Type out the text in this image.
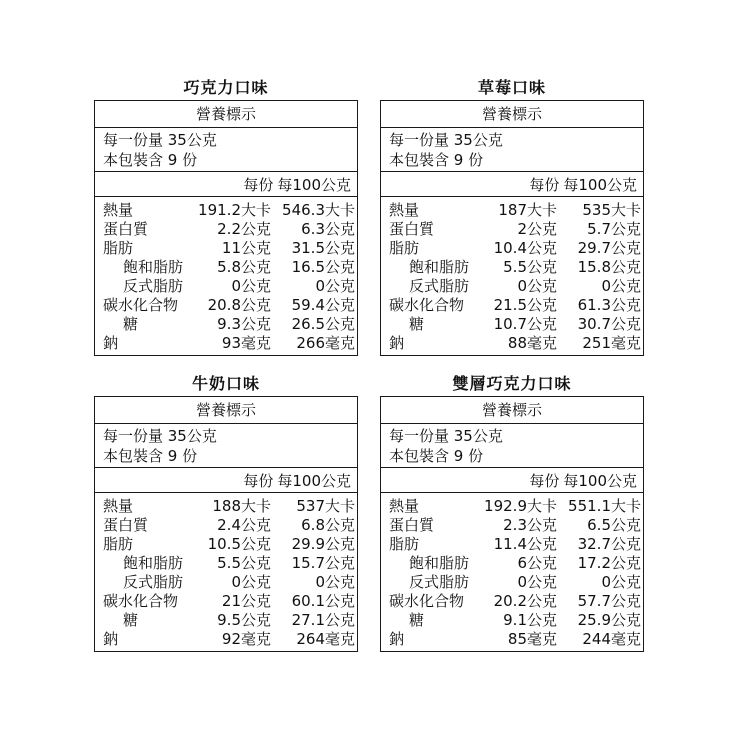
巧克力口味
營養標示
每一份量 35公克
本包裝含 9 份
每份 每100公克
熱量	191.2大卡 546.3大卡
蛋白質	2.2公克	6.3公克
脂肪	11公克	31.5公克
飽和脂肪	5.8公克	16.5公克
反式脂肪	0公克	0公克
碳水化合物	20.8公克	59.4公克
糖	9.3公克	26.5公克
鈉	93毫克	266毫克
草莓口味
營養標示
每一份量 35公克
本包裝含 9 份
每份 每100公克
熱量	187大卡	535大卡
蛋白質	2公克	5.7公克
脂肪	10.4公克	29.7公克
飽和脂肪	5.5公克	15.8公克
反式脂肪	0公克	0公克
碳水化合物	21.5公克	61.3公克
糖	10.7公克	30.7公克
鈉	88毫克	251毫克
牛奶口味
營養標示
每一份量 35公克
本包裝含 9 份
每份 每100公克
熱量	188大卡	537大卡
蛋白質	2.4公克	6.8公克
脂肪	10.5公克	29.9公克
飽和脂肪	5.5公克	15.7公克
反式脂肪	0公克	0公克
碳水化合物	21公克	60.1公克
糖	9.5公克	27.1公克
鈉	92毫克	264毫克
雙層巧克力口味
營養標示
每一份量 35公克
本包裝含 9 份
每份 每100公克
熱量	192.9大卡 551.1大卡
蛋白質	2.3公克	6.5公克
脂肪	11.4公克	32.7公克
飽和脂肪	6公克	17.2公克
反式脂肪	0公克	0公克
碳水化合物	20.2公克	57.7公克
糖	9.1公克	25.9公克
鈉	85毫克	244毫克
